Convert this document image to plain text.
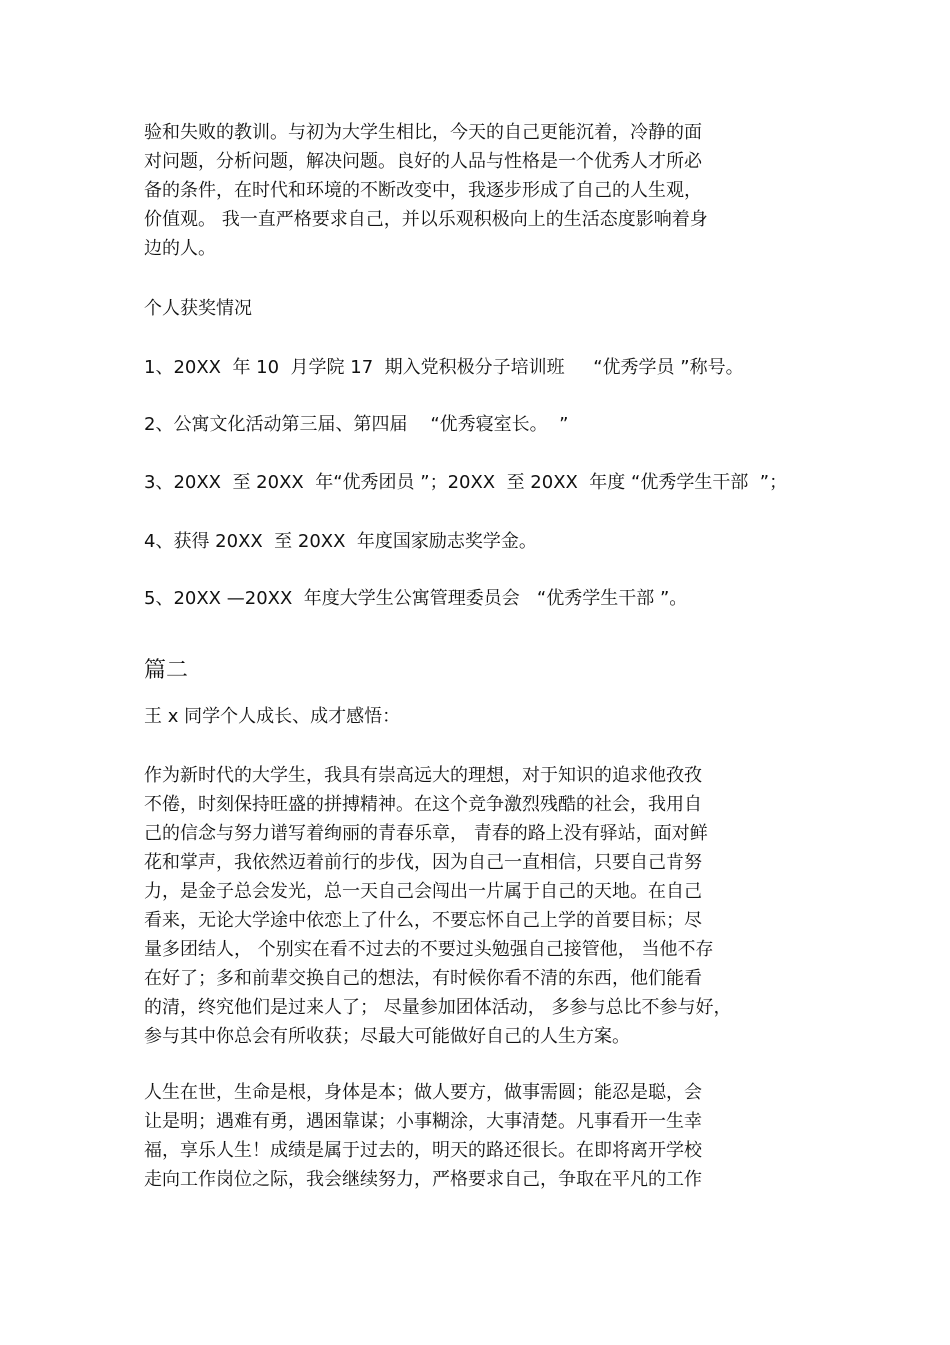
验和失败的教训。与初为大学生相比，今天的自己更能沉着，冷静的面
对问题，分析问题，解决问题。良好的人品与性格是一个优秀人才所必
备的条件，在时代和环境的不断改变中，我逐步形成了自己的人生观，
价值观。 我一直严格要求自己，并以乐观积极向上的生活态度影响着身
边的人。

个人获奖情况

1、20XX  年 10  月学院 17  期入党积极分子培训班     “优秀学员 ”称号。

2、公寓文化活动第三届、第四届    “优秀寝室长。  ”

3、20XX  至 20XX  年“优秀团员 ”；20XX  至 20XX  年度 “优秀学生干部  ”；

4、获得 20XX  至 20XX  年度国家励志奖学金。

5、20XX —20XX  年度大学生公寓管理委员会   “优秀学生干部 ”。

篇二

王 x 同学个人成长、成才感悟：

作为新时代的大学生，我具有崇高远大的理想，对于知识的追求他孜孜
不倦，时刻保持旺盛的拼搏精神。在这个竞争激烈残酷的社会，我用自
己的信念与努力谱写着绚丽的青春乐章， 青春的路上没有驿站，面对鲜
花和掌声，我依然迈着前行的步伐，因为自己一直相信，只要自己肯努
力，是金子总会发光，总一天自己会闯出一片属于自己的天地。在自己
看来，无论大学途中依恋上了什么，不要忘怀自己上学的首要目标；尽
量多团结人， 个别实在看不过去的不要过头勉强自己接管他， 当他不存
在好了；多和前辈交换自己的想法，有时候你看不清的东西，他们能看
的清，终究他们是过来人了； 尽量参加团体活动， 多参与总比不参与好，
参与其中你总会有所收获；尽最大可能做好自己的人生方案。

人生在世，生命是根，身体是本；做人要方，做事需圆；能忍是聪，会
让是明；遇难有勇，遇困靠谋；小事糊涂，大事清楚。凡事看开一生幸
福，享乐人生！成绩是属于过去的，明天的路还很长。在即将离开学校
走向工作岗位之际，我会继续努力，严格要求自己，争取在平凡的工作
